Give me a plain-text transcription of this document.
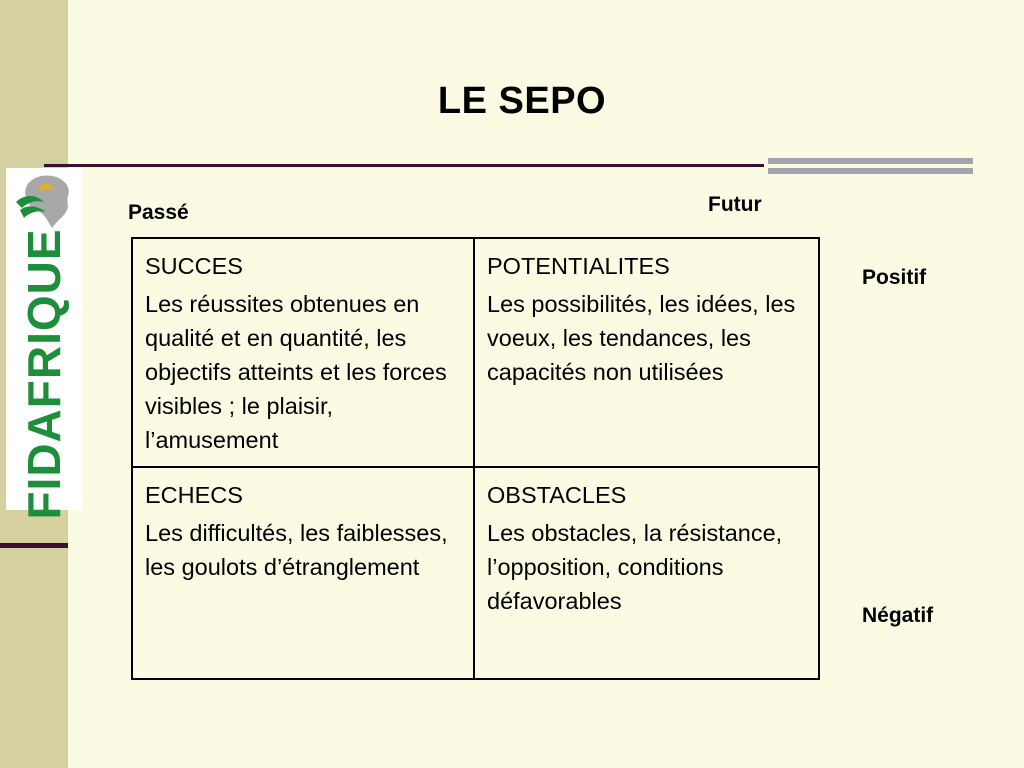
FIDAFRIQUE
LE SEPO
Passé	Futur
Positif
Négatif
SUCCES
Les réussites obtenues en qualité et en quantité, les objectifs atteints et les forces visibles ; le plaisir, l’amusement
POTENTIALITES
Les possibilités, les idées, les voeux, les tendances, les capacités non utilisées
ECHECS
Les difficultés, les faiblesses, les goulots d’étranglement
OBSTACLES
Les obstacles, la résistance, l’opposition, conditions défavorables
